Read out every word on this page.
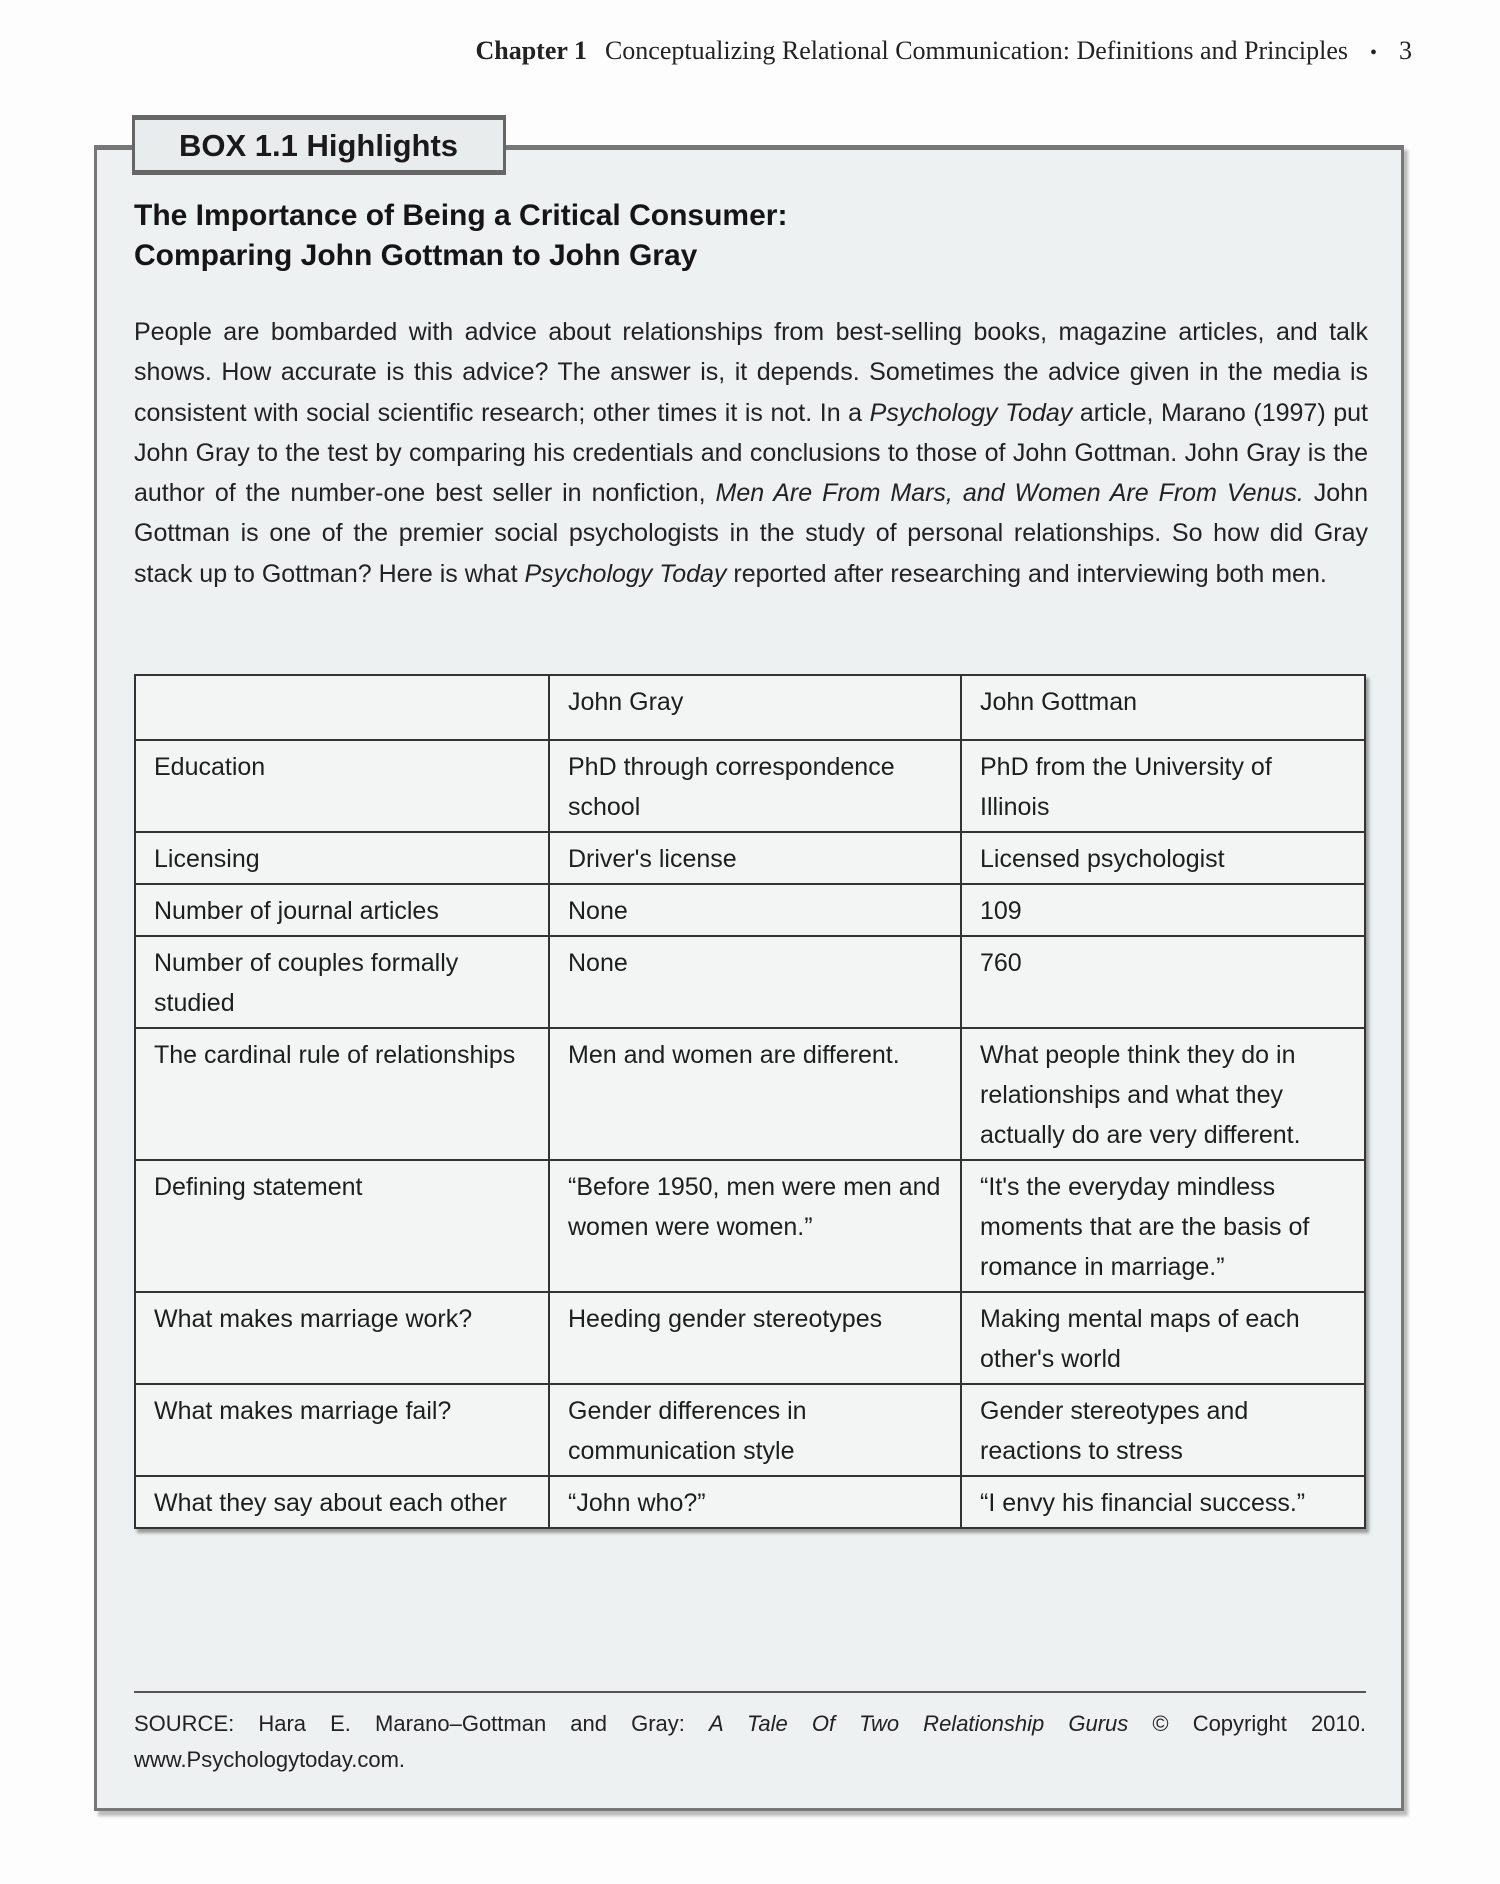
Chapter 1 Conceptualizing Relational Communication: Definitions and Principles • 3
BOX 1.1 Highlights
The Importance of Being a Critical Consumer:
Comparing John Gottman to John Gray
People are bombarded with advice about relationships from best-selling books, magazine articles, and talk shows. How accurate is this advice? The answer is, it depends. Sometimes the advice given in the media is consistent with social scientific research; other times it is not. In a Psychology Today article, Marano (1997) put John Gray to the test by comparing his credentials and conclusions to those of John Gottman. John Gray is the author of the number-one best seller in nonfiction, Men Are From Mars, and Women Are From Venus. John Gottman is one of the premier social psychologists in the study of personal relationships. So how did Gray stack up to Gottman? Here is what Psychology Today reported after researching and interviewing both men.
	John Gray	John Gottman
Education	PhD through correspondence school	PhD from the University of Illinois
Licensing	Driver's license	Licensed psychologist
Number of journal articles	None	109
Number of couples formally studied	None	760
The cardinal rule of relationships	Men and women are different.	What people think they do in relationships and what they actually do are very different.
Defining statement	“Before 1950, men were men and women were women.”	“It's the everyday mindless moments that are the basis of romance in marriage.”
What makes marriage work?	Heeding gender stereotypes	Making mental maps of each other's world
What makes marriage fail?	Gender differences in communication style	Gender stereotypes and reactions to stress
What they say about each other	“John who?”	“I envy his financial success.”
SOURCE: Hara E. Marano–Gottman and Gray: A Tale Of Two Relationship Gurus © Copyright 2010. www.Psychologytoday.com.
